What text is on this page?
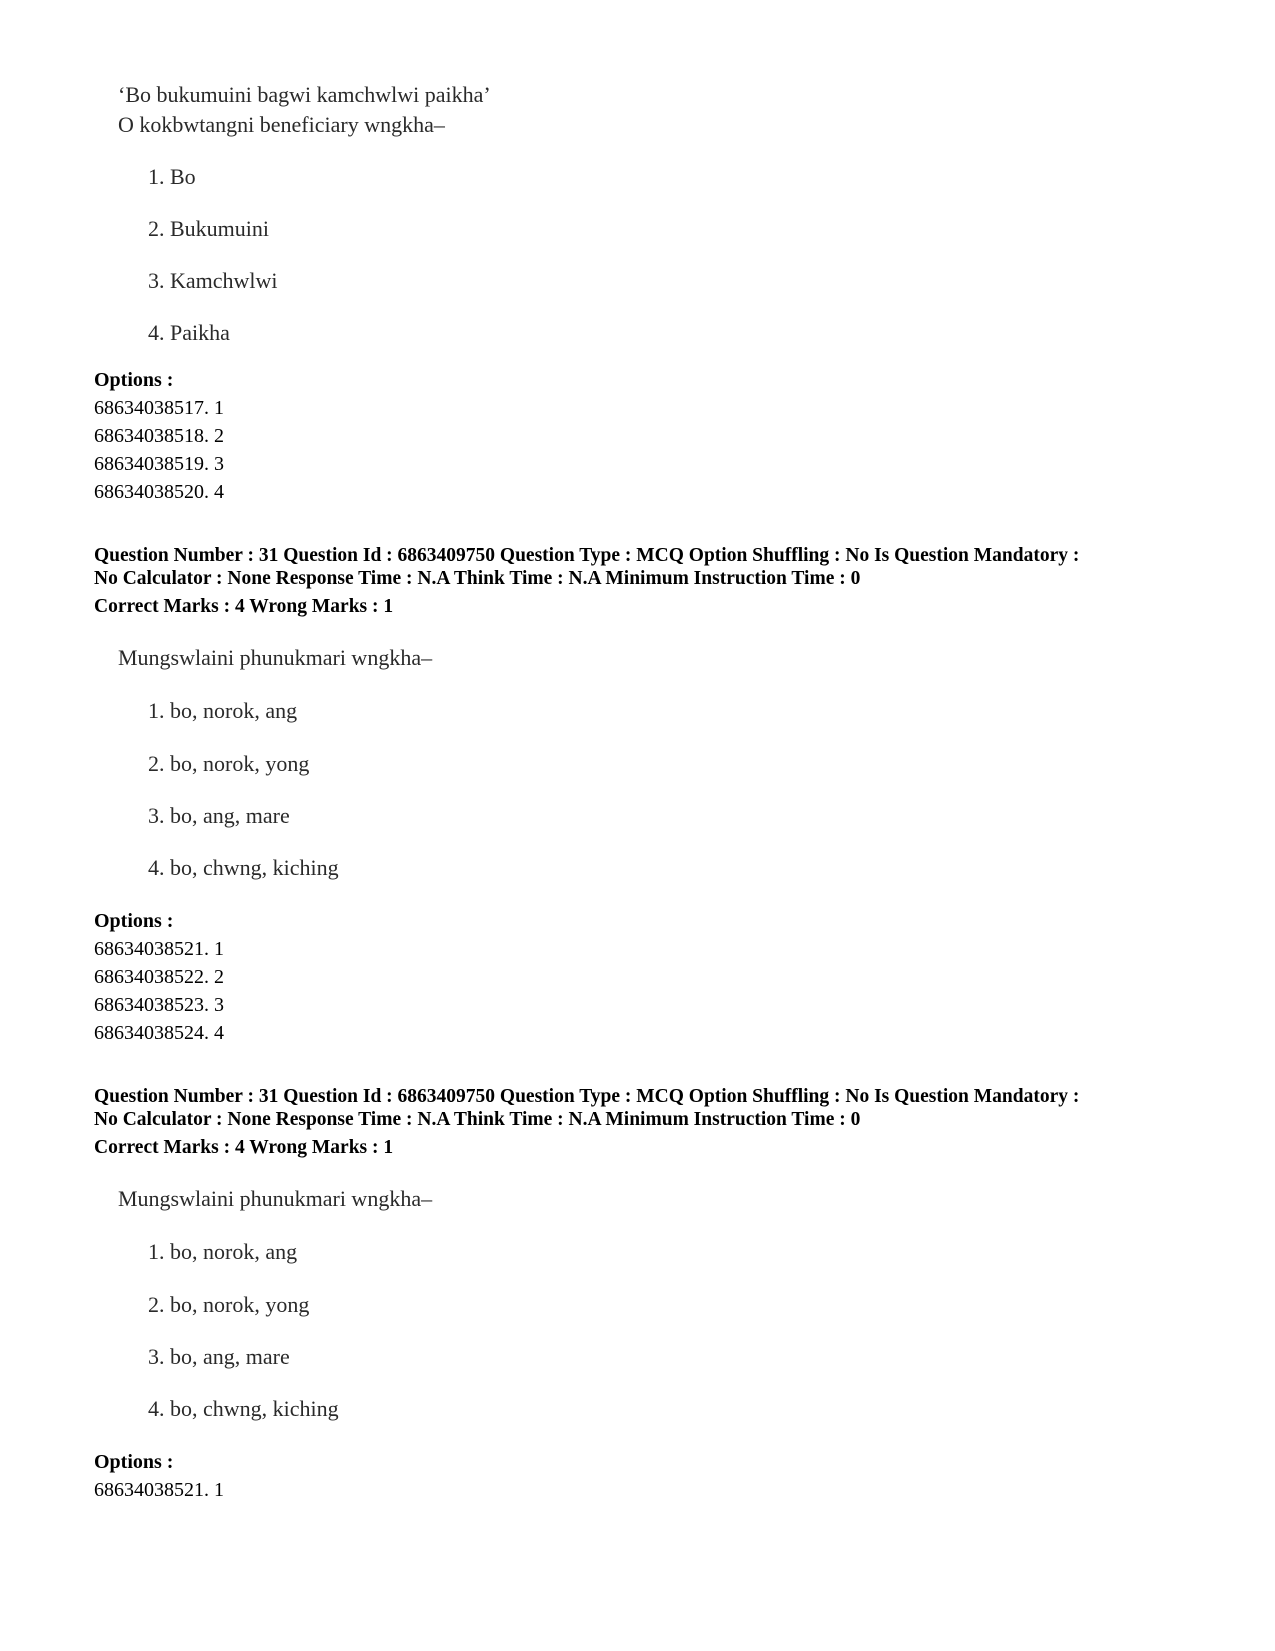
‘Bo bukumuini bagwi kamchwlwi paikha’
O kokbwtangni beneficiary wngkha–
1. Bo
2. Bukumuini
3. Kamchwlwi
4. Paikha
Options :
68634038517. 1
68634038518. 2
68634038519. 3
68634038520. 4
Question Number : 31 Question Id : 6863409750 Question Type : MCQ Option Shuffling : No Is Question Mandatory :
No Calculator : None Response Time : N.A Think Time : N.A Minimum Instruction Time : 0
Correct Marks : 4 Wrong Marks : 1
Mungswlaini phunukmari wngkha–
1. bo, norok, ang
2. bo, norok, yong
3. bo, ang, mare
4. bo, chwng, kiching
Options :
68634038521. 1
68634038522. 2
68634038523. 3
68634038524. 4
Question Number : 31 Question Id : 6863409750 Question Type : MCQ Option Shuffling : No Is Question Mandatory :
No Calculator : None Response Time : N.A Think Time : N.A Minimum Instruction Time : 0
Correct Marks : 4 Wrong Marks : 1
Mungswlaini phunukmari wngkha–
1. bo, norok, ang
2. bo, norok, yong
3. bo, ang, mare
4. bo, chwng, kiching
Options :
68634038521. 1
